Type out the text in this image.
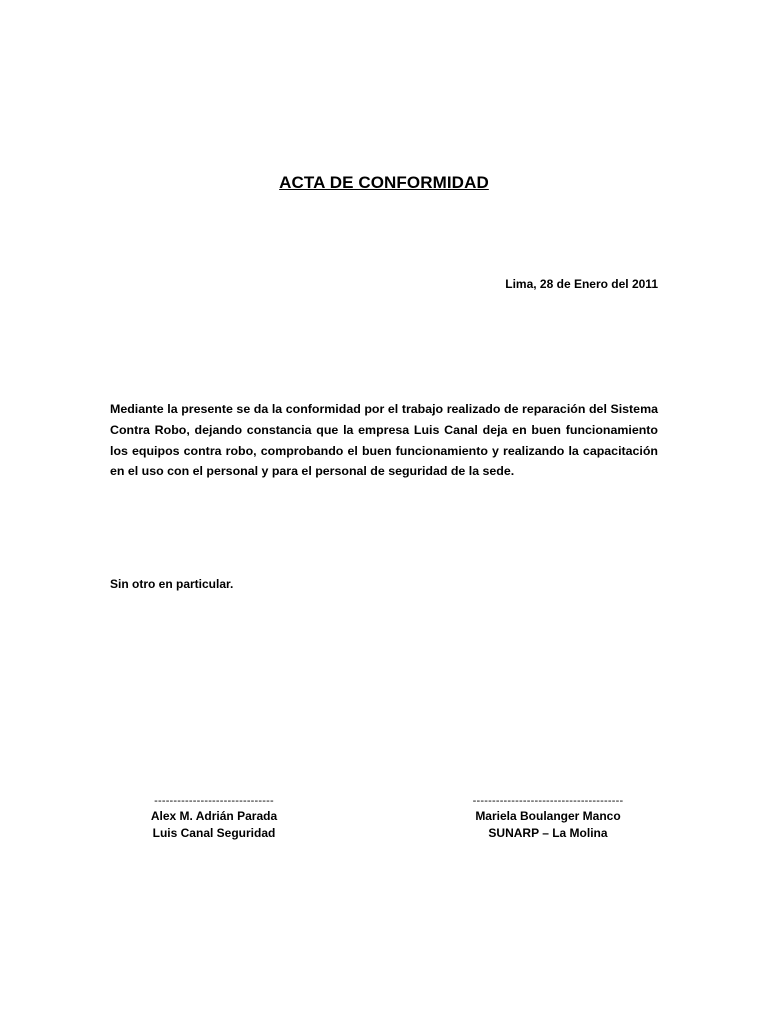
ACTA DE CONFORMIDAD
Lima, 28 de Enero del 2011
Mediante la presente se da la conformidad por el trabajo realizado de reparación del Sistema Contra Robo, dejando constancia que la empresa Luis Canal deja en buen funcionamiento los equipos contra robo, comprobando el buen funcionamiento y realizando la capacitación en el uso con el personal y para el personal de seguridad de la sede.
Sin otro en particular.
-------------------------------
Alex M. Adrián Parada
Luis Canal Seguridad
---------------------------------------
Mariela Boulanger Manco
SUNARP – La Molina
